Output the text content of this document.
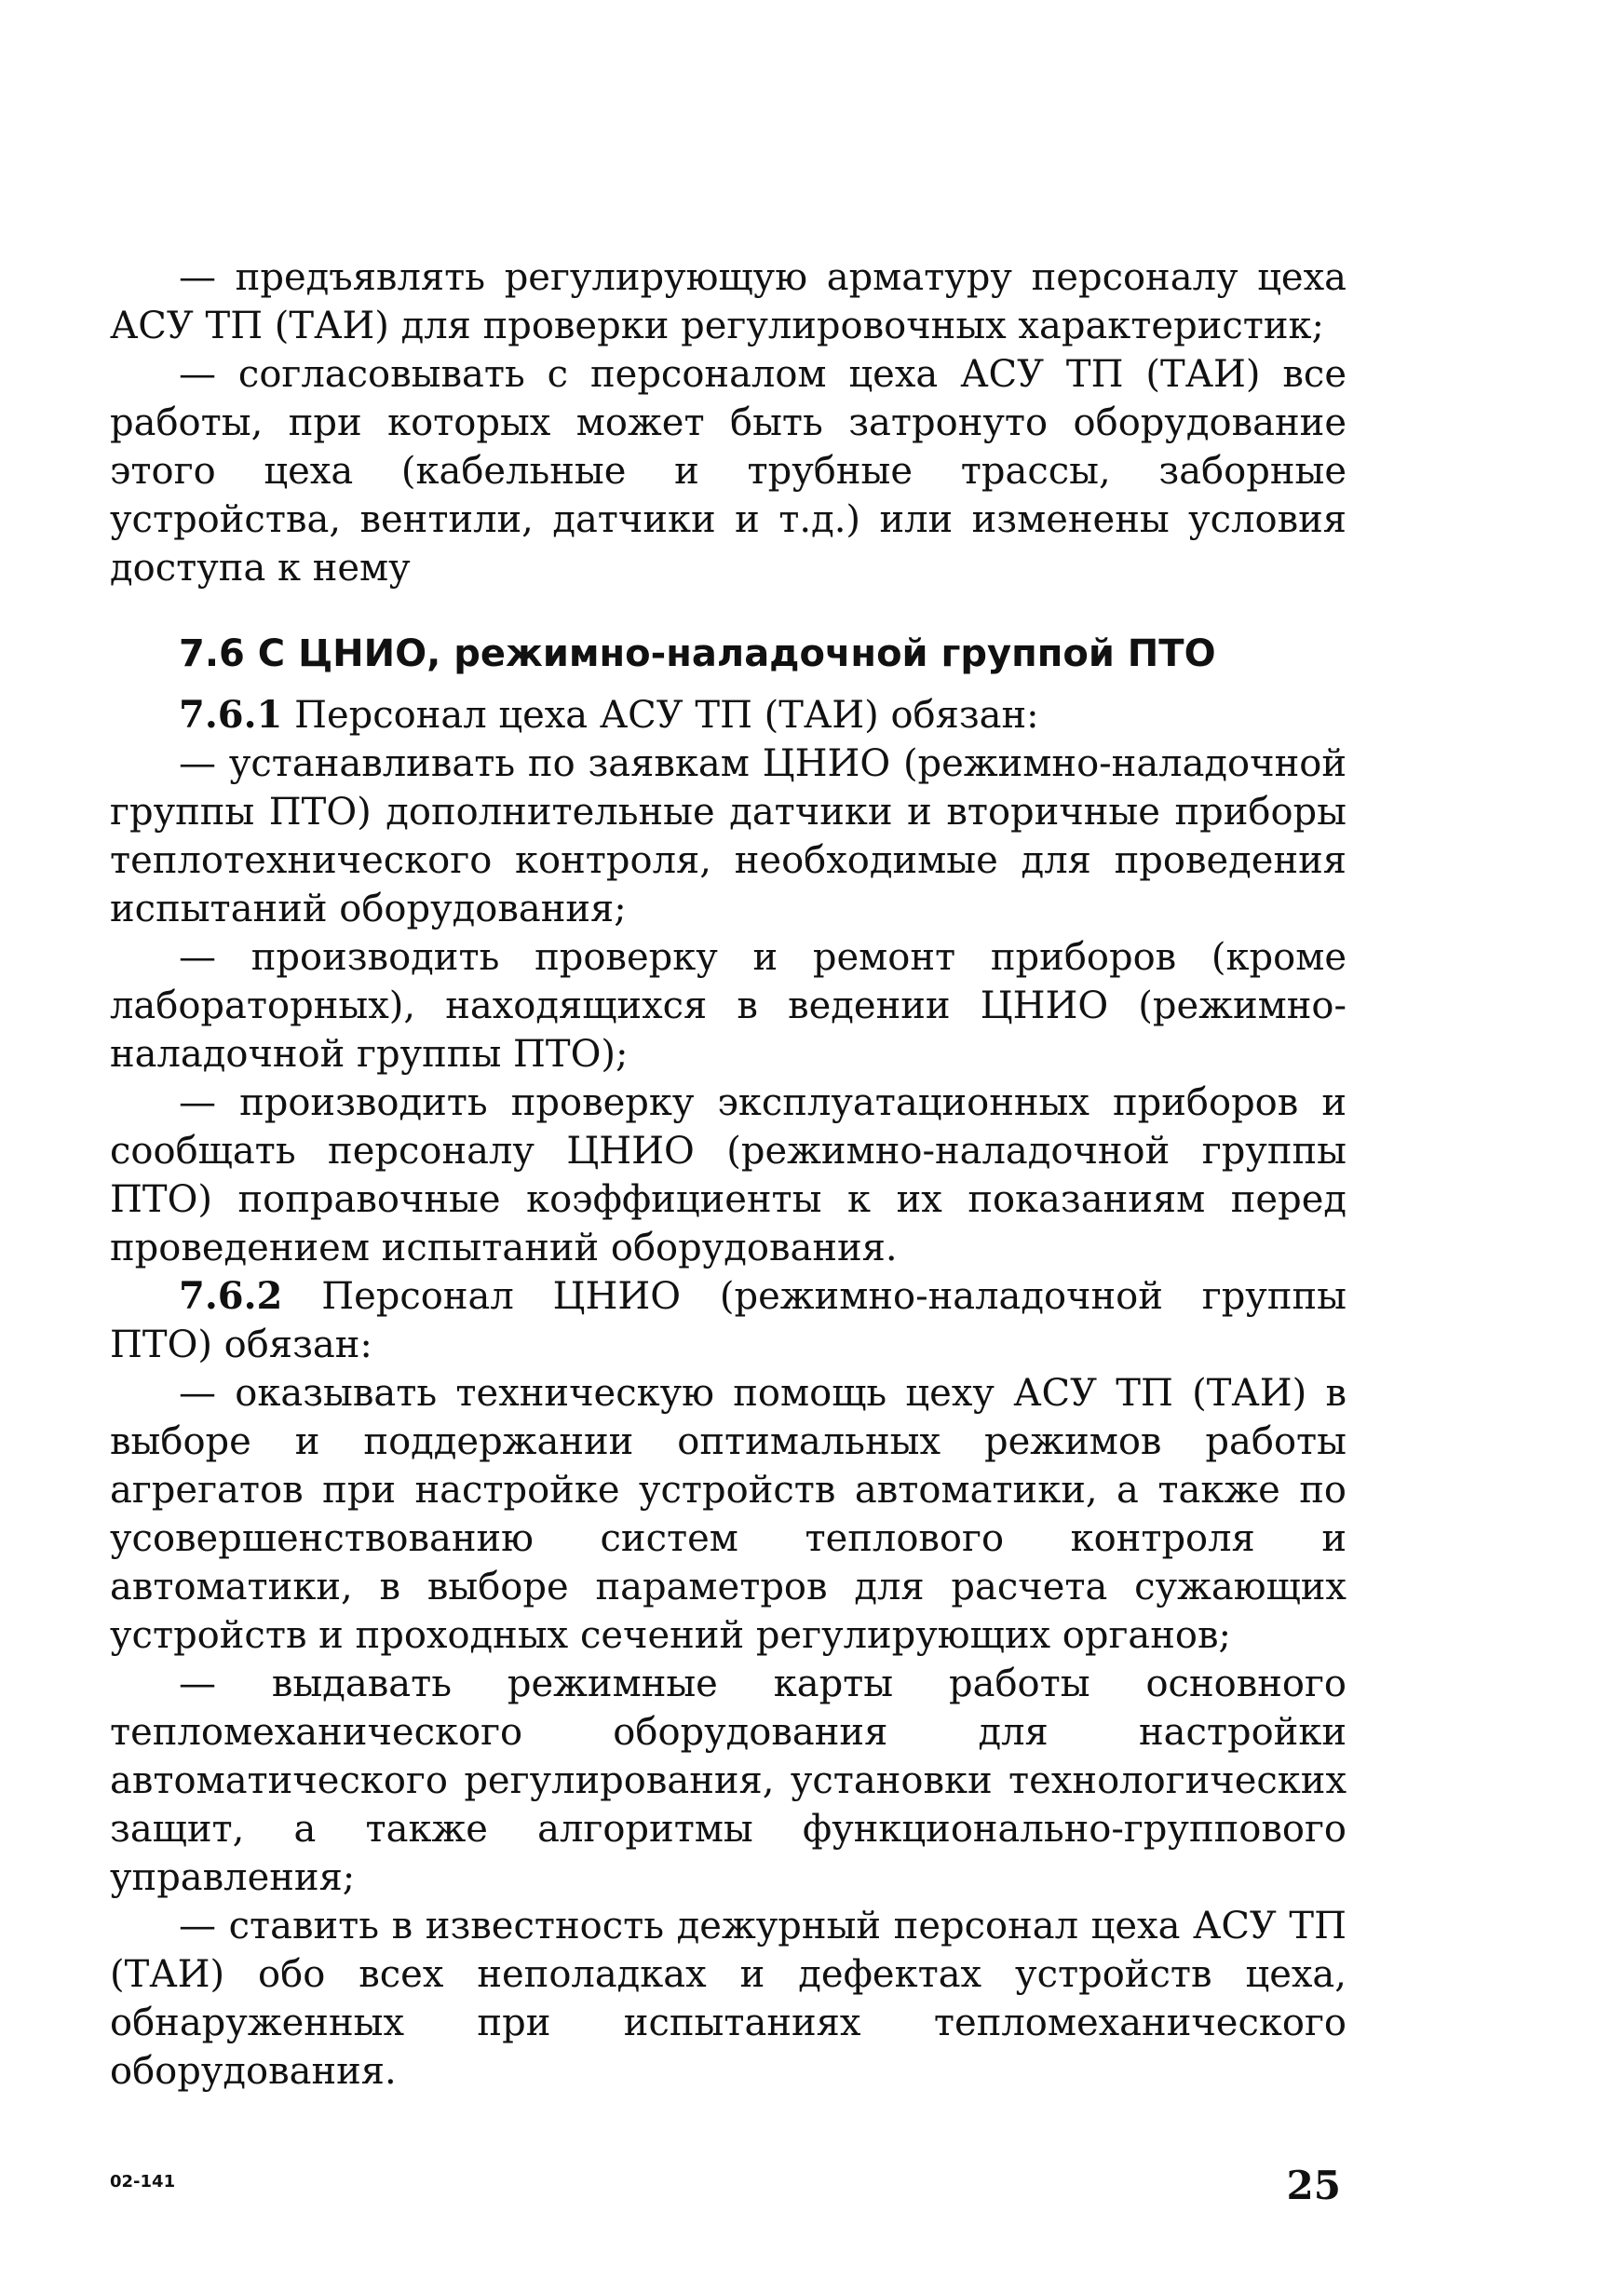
— предъявлять регулирующую арматуру персоналу цеха АСУ ТП (ТАИ) для проверки регулировочных характеристик;

— согласовывать с персоналом цеха АСУ ТП (ТАИ) все работы, при которых может быть затронуто оборудование этого цеха (кабельные и трубные трассы, заборные устройства, вентили, датчики и т.д.) или изменены условия доступа к нему

7.6 С ЦНИО, режимно-наладочной группой ПТО

7.6.1 Персонал цеха АСУ ТП (ТАИ) обязан:

— устанавливать по заявкам ЦНИО (режимно-наладочной группы ПТО) дополнительные датчики и вторичные приборы теплотехнического контроля, необходимые для проведения испытаний оборудования;

— производить проверку и ремонт приборов (кроме лабораторных), находящихся в ведении ЦНИО (режимно-наладочной группы ПТО);

— производить проверку эксплуатационных приборов и сообщать персоналу ЦНИО (режимно-наладочной группы ПТО) поправочные коэффициенты к их показаниям перед проведением испытаний оборудования.

7.6.2 Персонал ЦНИО (режимно-наладочной группы ПТО) обязан:

— оказывать техническую помощь цеху АСУ ТП (ТАИ) в выборе и поддержании оптимальных режимов работы агрегатов при настройке устройств автоматики, а также по усовершенствованию систем теплового контроля и автоматики, в выборе параметров для расчета сужающих устройств и проходных сечений регулирующих органов;

— выдавать режимные карты работы основного тепломеханического оборудования для настройки автоматического регулирования, установки технологических защит, а также алгоритмы функционально-группового управления;

— ставить в известность дежурный персонал цеха АСУ ТП (ТАИ) обо всех неполадках и дефектах устройств цеха, обнаруженных при испытаниях тепломеханического оборудования.

02-141	25
